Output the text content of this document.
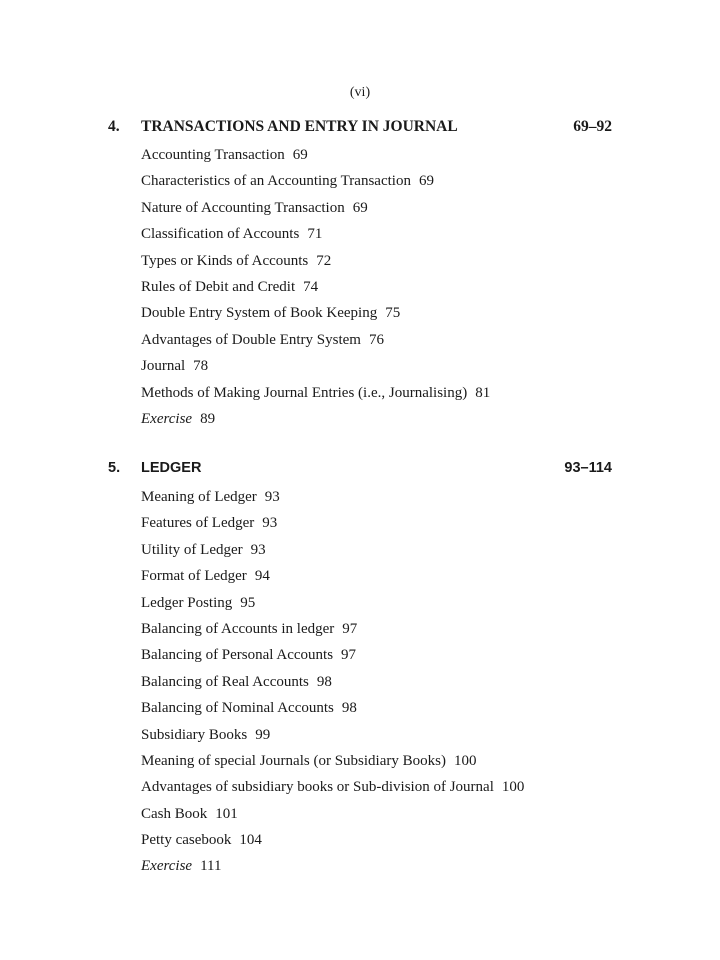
(vi)
4. TRANSACTIONS AND ENTRY IN JOURNAL	69–92
Accounting Transaction 69
Characteristics of an Accounting Transaction 69
Nature of Accounting Transaction 69
Classification of Accounts 71
Types or Kinds of Accounts 72
Rules of Debit and Credit 74
Double Entry System of Book Keeping 75
Advantages of Double Entry System 76
Journal 78
Methods of Making Journal Entries (i.e., Journalising) 81
Exercise 89
5. LEDGER	93–114
Meaning of Ledger 93
Features of Ledger 93
Utility of Ledger 93
Format of Ledger 94
Ledger Posting 95
Balancing of Accounts in ledger 97
Balancing of Personal Accounts 97
Balancing of Real Accounts 98
Balancing of Nominal Accounts 98
Subsidiary Books 99
Meaning of special Journals (or Subsidiary Books) 100
Advantages of subsidiary books or Sub-division of Journal 100
Cash Book 101
Petty casebook 104
Exercise 111
